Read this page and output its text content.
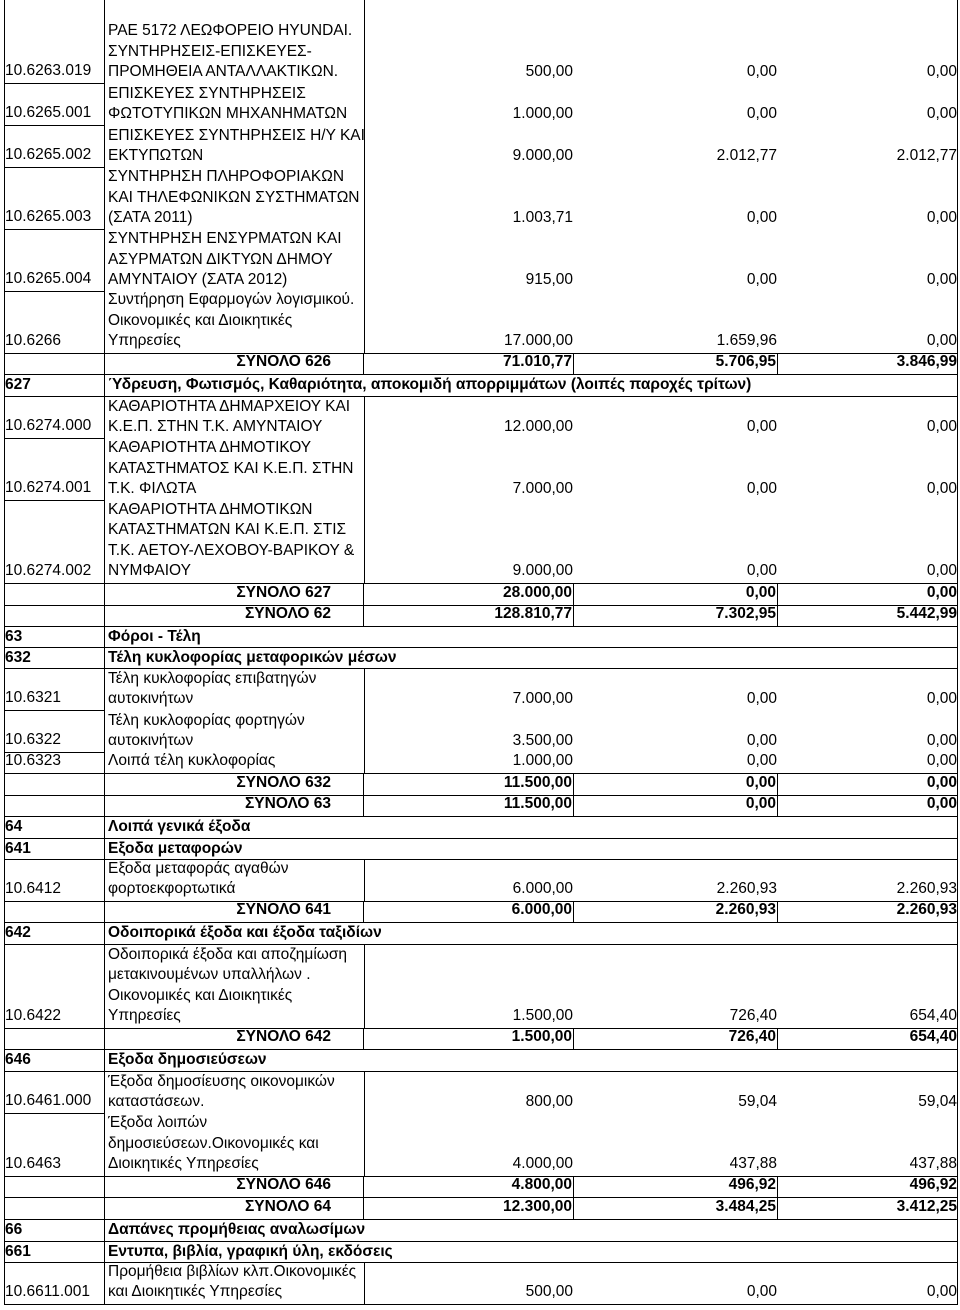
10.6263.019
ΡΑΕ 5172 ΛΕΩΦΟΡΕΙΟ HYUNDAI.
ΣΥΝΤΗΡΗΣΕΙΣ-ΕΠΙΣΚΕΥΕΣ-
ΠΡΟΜΗΘΕΙΑ ΑΝΤΑΛΛΑΚΤΙΚΩΝ.	500,00	0,00	0,00
10.6265.001
ΕΠΙΣΚΕΥΕΣ ΣΥΝΤΗΡΗΣΕΙΣ
ΦΩΤΟΤΥΠΙΚΩΝ ΜΗΧΑΝΗΜΑΤΩΝ	1.000,00	0,00	0,00
10.6265.002
ΕΠΙΣΚΕΥΕΣ ΣΥΝΤΗΡΗΣΕΙΣ Η/Υ ΚΑΙ
ΕΚΤΥΠΩΤΩΝ	9.000,00	2.012,77	2.012,77
10.6265.003
ΣΥΝΤΗΡΗΣΗ ΠΛΗΡΟΦΟΡΙΑΚΩΝ
ΚΑΙ ΤΗΛΕΦΩΝΙΚΩΝ ΣΥΣΤΗΜΑΤΩΝ
(ΣΑΤΑ 2011)	1.003,71	0,00	0,00
10.6265.004
ΣΥΝΤΗΡΗΣΗ ΕΝΣΥΡΜΑΤΩΝ ΚΑΙ
ΑΣΥΡΜΑΤΩΝ ΔΙΚΤΥΩΝ ΔΗΜΟΥ
ΑΜΥΝΤΑΙΟΥ (ΣΑΤΑ 2012)	915,00	0,00	0,00
10.6266
Συντήρηση Εφαρμογών λογισμικού.
Οικονομικές και Διοικητικές
Υπηρεσίες	17.000,00	1.659,96	0,00
ΣΥΝΟΛΟ 626	71.010,77	5.706,95	3.846,99
627	Ύδρευση, Φωτισμός, Καθαριότητα, αποκομιδή απορριμμάτων (λοιπές παροχές τρίτων)
10.6274.000
ΚΑΘΑΡΙΟΤΗΤΑ ΔΗΜΑΡΧΕΙΟΥ ΚΑΙ
Κ.Ε.Π. ΣΤΗΝ Τ.Κ. ΑΜΥΝΤΑΙΟΥ	12.000,00	0,00	0,00
10.6274.001
ΚΑΘΑΡΙΟΤΗΤΑ ΔΗΜΟΤΙΚΟΥ
ΚΑΤΑΣΤΗΜΑΤΟΣ ΚΑΙ Κ.Ε.Π. ΣΤΗΝ
Τ.Κ. ΦΙΛΩΤΑ	7.000,00	0,00	0,00
10.6274.002
ΚΑΘΑΡΙΟΤΗΤΑ ΔΗΜΟΤΙΚΩΝ
ΚΑΤΑΣΤΗΜΑΤΩΝ ΚΑΙ Κ.Ε.Π. ΣΤΙΣ
Τ.Κ. ΑΕΤΟΥ-ΛΕΧΟΒΟΥ-ΒΑΡΙΚΟΥ &
ΝΥΜΦΑΙΟΥ	9.000,00	0,00	0,00
ΣΥΝΟΛΟ 627	28.000,00	0,00	0,00
ΣΥΝΟΛΟ 62	128.810,77	7.302,95	5.442,99
63	Φόροι - Τέλη
632	Τέλη κυκλοφορίας μεταφορικών μέσων
10.6321
Τέλη κυκλοφορίας επιβατηγών
αυτοκινήτων	7.000,00	0,00	0,00
10.6322
Τέλη κυκλοφορίας φορτηγών
αυτοκινήτων	3.500,00	0,00	0,00
10.6323	Λοιπά τέλη κυκλοφορίας	1.000,00	0,00	0,00
ΣΥΝΟΛΟ 632	11.500,00	0,00	0,00
ΣΥΝΟΛΟ 63	11.500,00	0,00	0,00
64	Λοιπά γενικά έξοδα
641	Εξοδα μεταφορών
10.6412
Εξοδα μεταφοράς αγαθών
φορτοεκφορτωτικά	6.000,00	2.260,93	2.260,93
ΣΥΝΟΛΟ 641	6.000,00	2.260,93	2.260,93
642	Οδοιπορικά έξοδα και έξοδα ταξιδίων
10.6422
Οδοιπορικά έξοδα και αποζημίωση
μετακινουμένων υπαλλήλων .
Οικονομικές και Διοικητικές
Υπηρεσίες	1.500,00	726,40	654,40
ΣΥΝΟΛΟ 642	1.500,00	726,40	654,40
646	Εξοδα δημοσιεύσεων
10.6461.000
Έξοδα δημοσίευσης οικονομικών
καταστάσεων.	800,00	59,04	59,04
10.6463
Έξοδα λοιπών
δημοσιεύσεων.Οικονομικές και
Διοικητικές Υπηρεσίες	4.000,00	437,88	437,88
ΣΥΝΟΛΟ 646	4.800,00	496,92	496,92
ΣΥΝΟΛΟ 64	12.300,00	3.484,25	3.412,25
66	Δαπάνες προμήθειας αναλωσίμων
661	Εντυπα, βιβλία, γραφική ύλη, εκδόσεις
10.6611.001
Προμήθεια βιβλίων κλπ.Οικονομικές
και Διοικητικές Υπηρεσίες	500,00	0,00	0,00
